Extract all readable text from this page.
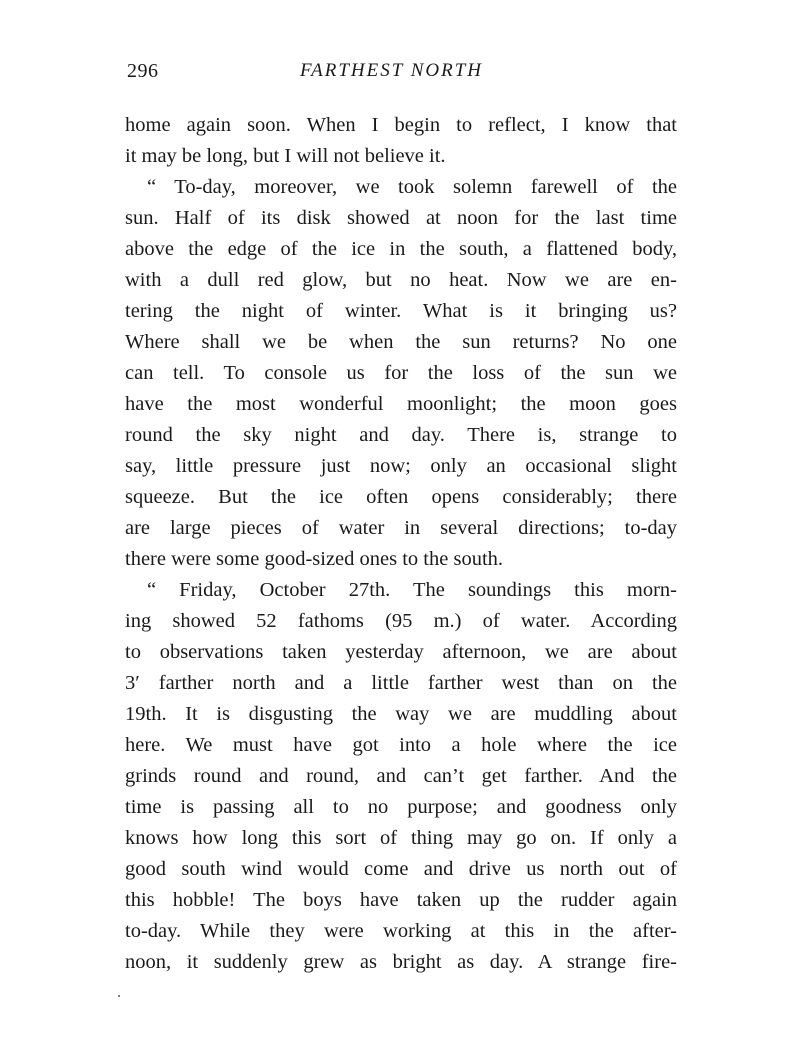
296	FARTHEST NORTH
home again soon. When I begin to reflect, I know that
it may be long, but I will not believe it.
“ To-day, moreover, we took solemn farewell of the
sun. Half of its disk showed at noon for the last time
above the edge of the ice in the south, a flattened body,
with a dull red glow, but no heat. Now we are en-
tering the night of winter. What is it bringing us?
Where shall we be when the sun returns? No one
can tell. To console us for the loss of the sun we
have the most wonderful moonlight; the moon goes
round the sky night and day. There is, strange to
say, little pressure just now; only an occasional slight
squeeze. But the ice often opens considerably; there
are large pieces of water in several directions; to-day
there were some good-sized ones to the south.
“ Friday, October 27th. The soundings this morn-
ing showed 52 fathoms (95 m.) of water. According
to observations taken yesterday afternoon, we are about
3′ farther north and a little farther west than on the
19th. It is disgusting the way we are muddling about
here. We must have got into a hole where the ice
grinds round and round, and can’t get farther. And the
time is passing all to no purpose; and goodness only
knows how long this sort of thing may go on. If only a
good south wind would come and drive us north out of
this hobble! The boys have taken up the rudder again
to-day. While they were working at this in the after-
noon, it suddenly grew as bright as day. A strange fire-
